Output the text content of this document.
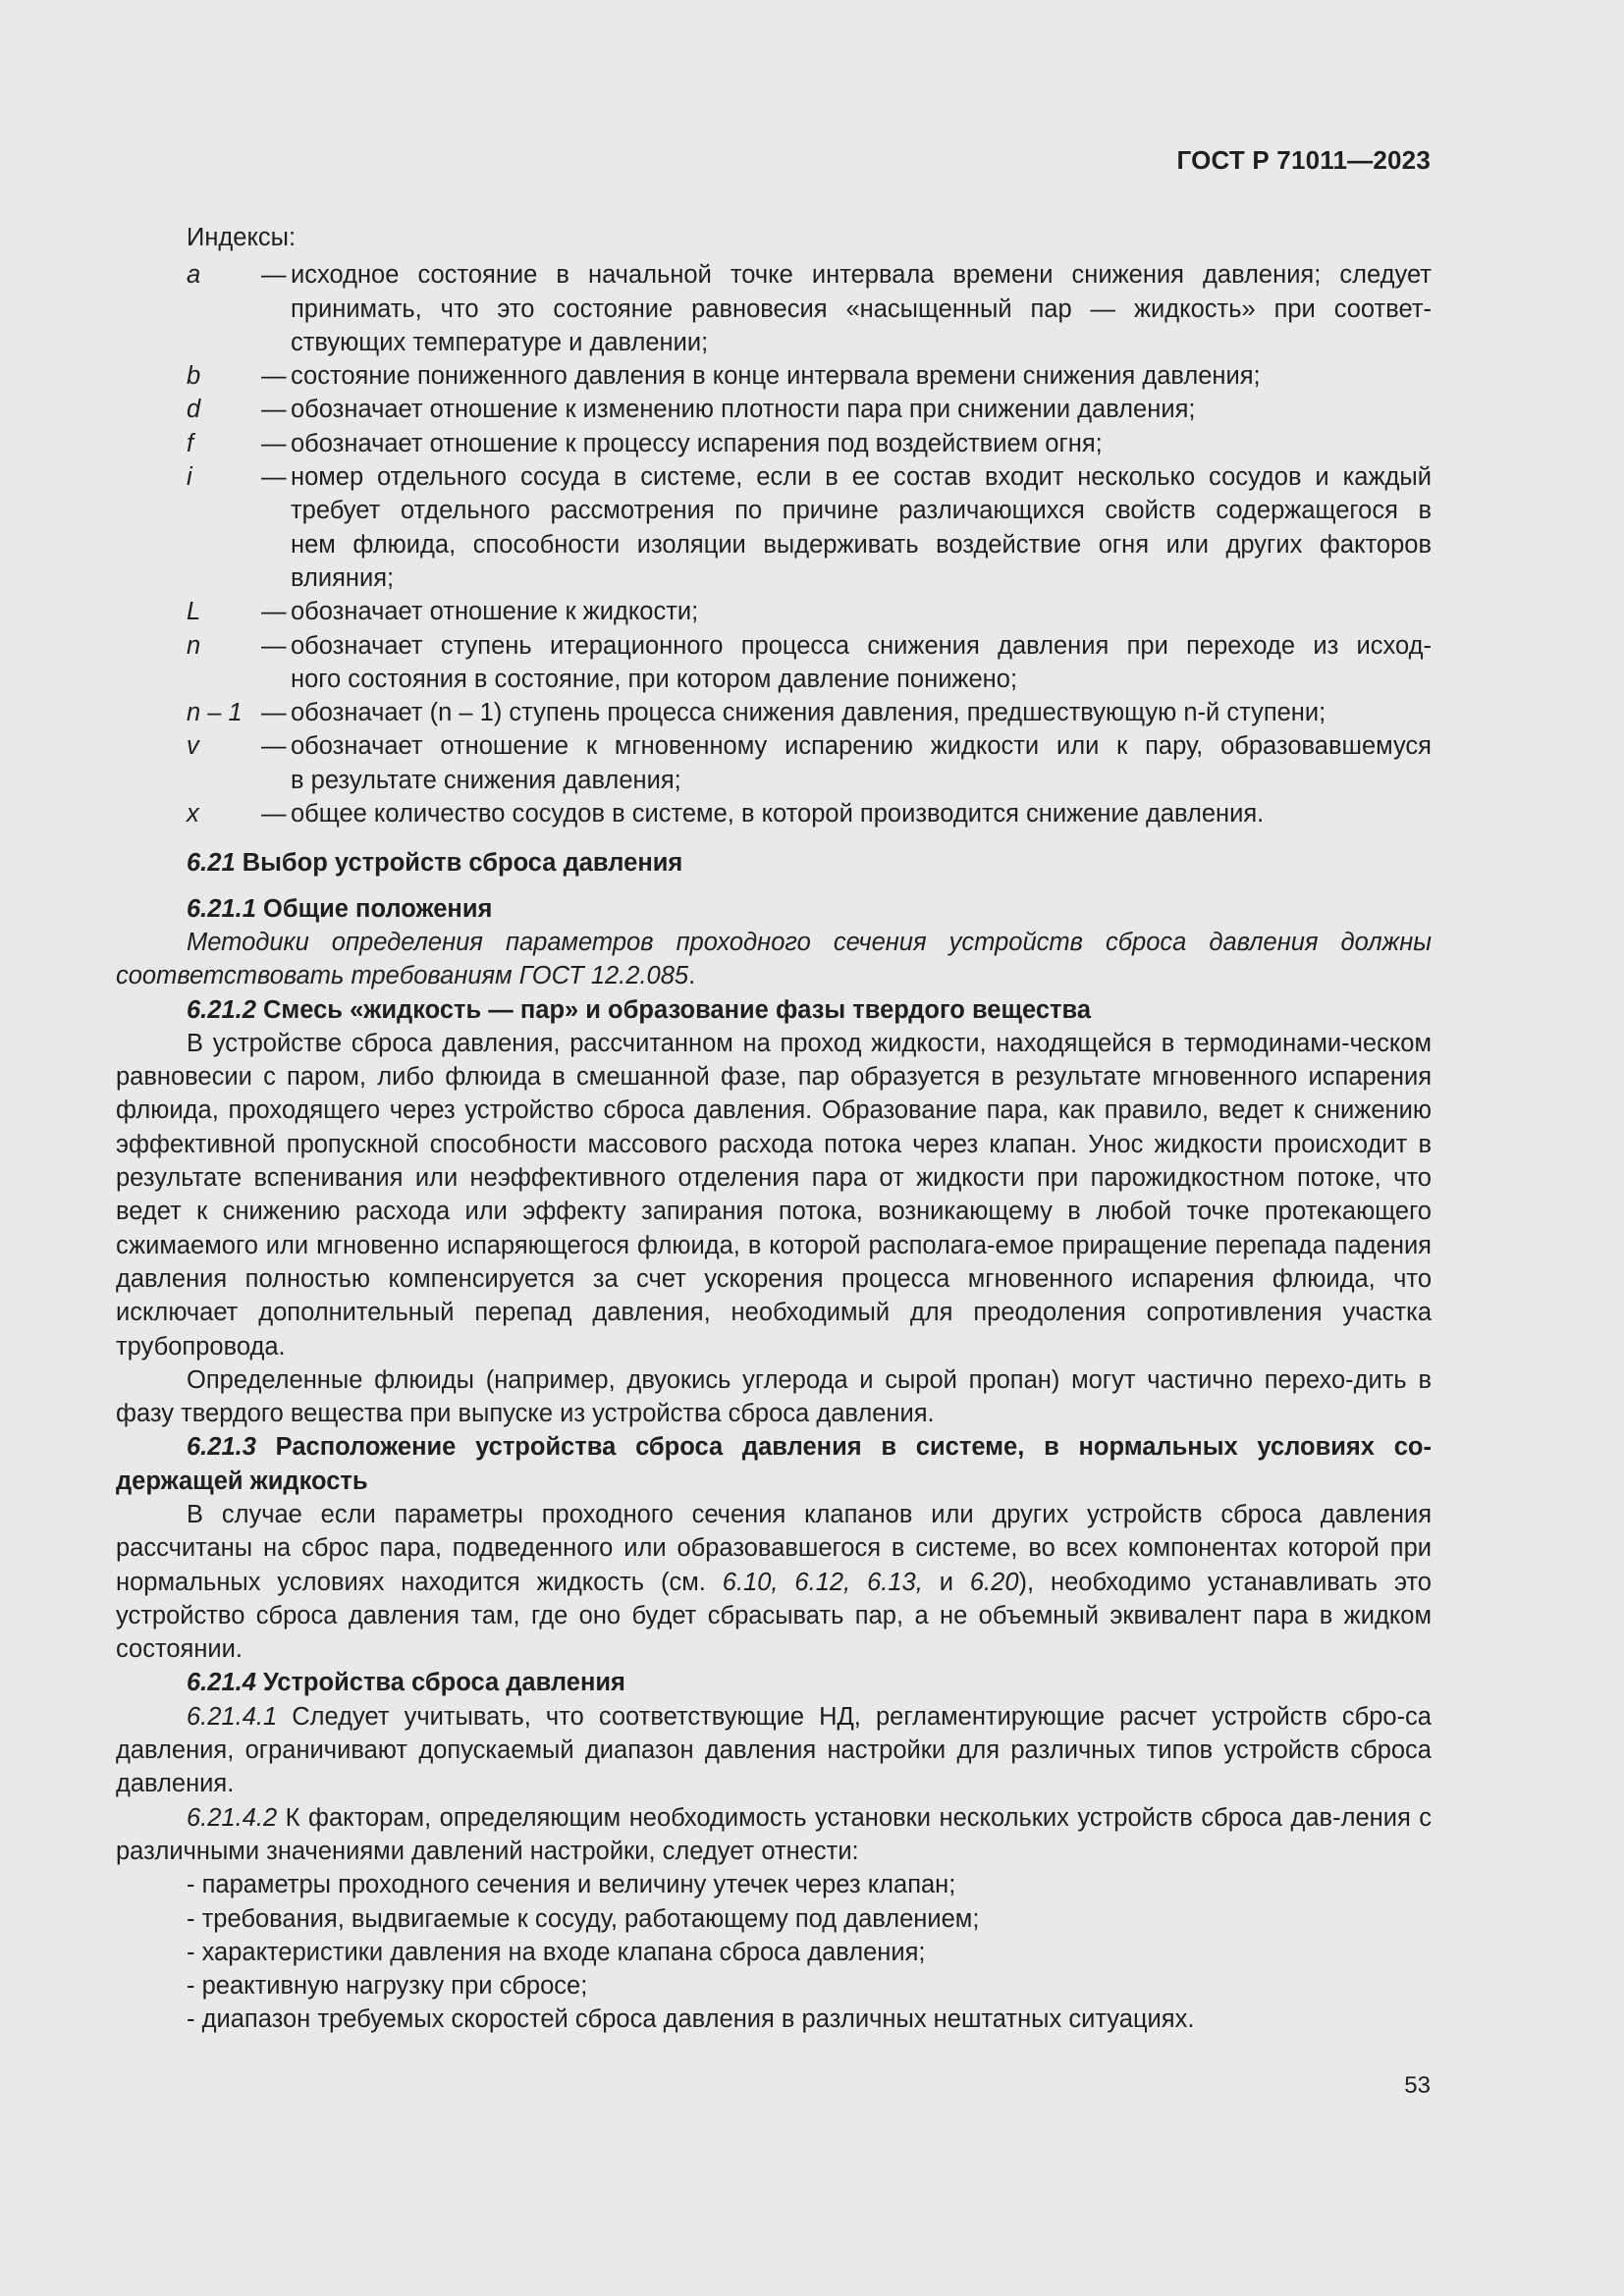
ГОСТ Р 71011—2023
Индексы:
a	— исходное состояние в начальной точке интервала времени снижения давления; следует
принимать, что это состояние равновесия «насыщенный пар — жидкость» при соответ-
ствующих температуре и давлении;
b	— состояние пониженного давления в конце интервала времени снижения давления;
d	— обозначает отношение к изменению плотности пара при снижении давления;
f	— обозначает отношение к процессу испарения под воздействием огня;
i	— номер отдельного сосуда в системе, если в ее состав входит несколько сосудов и каждый
требует отдельного рассмотрения по причине различающихся свойств содержащегося в
нем флюида, способности изоляции выдерживать воздействие огня или других факторов
влияния;
L	— обозначает отношение к жидкости;
n	— обозначает ступень итерационного процесса снижения давления при переходе из исход-
ного состояния в состояние, при котором давление понижено;
n – 1 — обозначает (n – 1) ступень процесса снижения давления, предшествующую n-й ступени;
v	— обозначает отношение к мгновенному испарению жидкости или к пару, образовавшемуся
в результате снижения давления;
x	— общее количество сосудов в системе, в которой производится снижение давления.
6.21 Выбор устройств сброса давления
6.21.1 Общие положения
Методики определения параметров проходного сечения устройств сброса давления должны
соответствовать требованиям ГОСТ 12.2.085.
6.21.2 Смесь «жидкость — пар» и образование фазы твердого вещества
В устройстве сброса давления, рассчитанном на проход жидкости, находящейся в термодинами-ческом равновесии с паром, либо флюида в смешанной фазе, пар образуется в результате мгновенного испарения флюида, проходящего через устройство сброса давления. Образование пара, как правило, ведет к снижению эффективной пропускной способности массового расхода потока через клапан. Унос жидкости происходит в результате вспенивания или неэффективного отделения пара от жидкости при парожидкостном потоке, что ведет к снижению расхода или эффекту запирания потока, возникающему в любой точке протекающего сжимаемого или мгновенно испаряющегося флюида, в которой располага-емое приращение перепада падения давления полностью компенсируется за счет ускорения процесса мгновенного испарения флюида, что исключает дополнительный перепад давления, необходимый для преодоления сопротивления участка трубопровода.
Определенные флюиды (например, двуокись углерода и сырой пропан) могут частично перехо-дить в фазу твердого вещества при выпуске из устройства сброса давления.
6.21.3 Расположение устройства сброса давления в системе, в нормальных условиях со-
держащей жидкость
В случае если параметры проходного сечения клапанов или других устройств сброса давления рассчитаны на сброс пара, подведенного или образовавшегося в системе, во всех компонентах которой при нормальных условиях находится жидкость (см. 6.10, 6.12, 6.13, и 6.20), необходимо устанавливать это устройство сброса давления там, где оно будет сбрасывать пар, а не объемный эквивалент пара в жидком состоянии.
6.21.4 Устройства сброса давления
6.21.4.1 Следует учитывать, что соответствующие НД, регламентирующие расчет устройств сбро-са давления, ограничивают допускаемый диапазон давления настройки для различных типов устройств сброса давления.
6.21.4.2 К факторам, определяющим необходимость установки нескольких устройств сброса дав-ления с различными значениями давлений настройки, следует отнести:
- параметры проходного сечения и величину утечек через клапан;
- требования, выдвигаемые к сосуду, работающему под давлением;
- характеристики давления на входе клапана сброса давления;
- реактивную нагрузку при сбросе;
- диапазон требуемых скоростей сброса давления в различных нештатных ситуациях.
53
